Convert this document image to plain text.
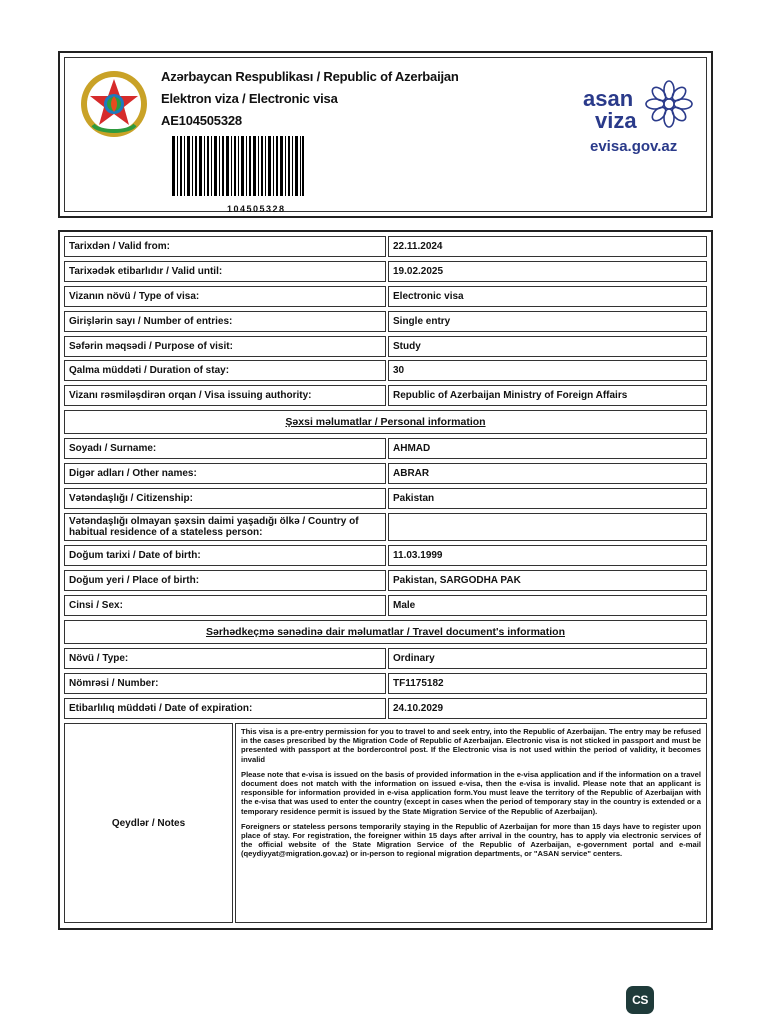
Azərbaycan Respublikası / Republic of Azerbaijan
Elektron viza / Electronic visa
AE104505328
104505328
asan
viza
evisa.gov.az
Tarixdən / Valid from:	22.11.2024
Tarixədək etibarlıdır / Valid until:	19.02.2025
Vizanın növü / Type of visa:	Electronic visa
Girişlərin sayı / Number of entries:	Single entry
Səfərin məqsədi / Purpose of visit:	Study
Qalma müddəti / Duration of stay:	30
Vizanı rəsmiləşdirən orqan / Visa issuing authority:	Republic of Azerbaijan Ministry of Foreign Affairs
Şəxsi məlumatlar / Personal information
Soyadı / Surname:	AHMAD
Digər adları / Other names:	ABRAR
Vətəndaşlığı / Citizenship:	Pakistan
Vətəndaşlığı olmayan şəxsin daimi yaşadığı ölkə / Country of habitual residence of a stateless person:
Doğum tarixi / Date of birth:	11.03.1999
Doğum yeri / Place of birth:	Pakistan, SARGODHA PAK
Cinsi / Sex:	Male
Sərhədkeçmə sənədinə dair məlumatlar / Travel document's information
Növü / Type:	Ordinary
Nömrəsi / Number:	TF1175182
Etibarlılıq müddəti / Date of expiration:	24.10.2029
Qeydlər / Notes

This visa is a pre-entry permission for you to travel to and seek entry, into the Republic of Azerbaijan. The entry may be refused in the cases prescribed by the Migration Code of Republic of Azerbaijan. Electronic visa is not sticked in passport and must be presented with passport at the bordercontrol post. If the Electronic visa is not used within the period of validity, it becomes invalid

Please note that e-visa is issued on the basis of provided information in the e-visa application and if the information on a travel document does not match with the information on issued e-visa, then the e-visa is invalid. Please note that an applicant is responsible for information provided in e-visa application form.You must leave the territory of the Republic of Azerbaijan with the e-visa that was used to enter the country (except in cases when the period of temporary stay in the country is extended or a temporary residence permit is issued by the State Migration Service of the Republic of Azerbaijan).

Foreigners or stateless persons temporarily staying in the Republic of Azerbaijan for more than 15 days have to register upon place of stay. For registration, the foreigner within 15 days after arrival in the country, has to apply via electronic services of the official website of the State Migration Service of the Republic of Azerbaijan, e-government portal and e-mail (qeydiyyat@migration.gov.az) or in-person to regional migration departments, or "ASAN service" centers.

CS
